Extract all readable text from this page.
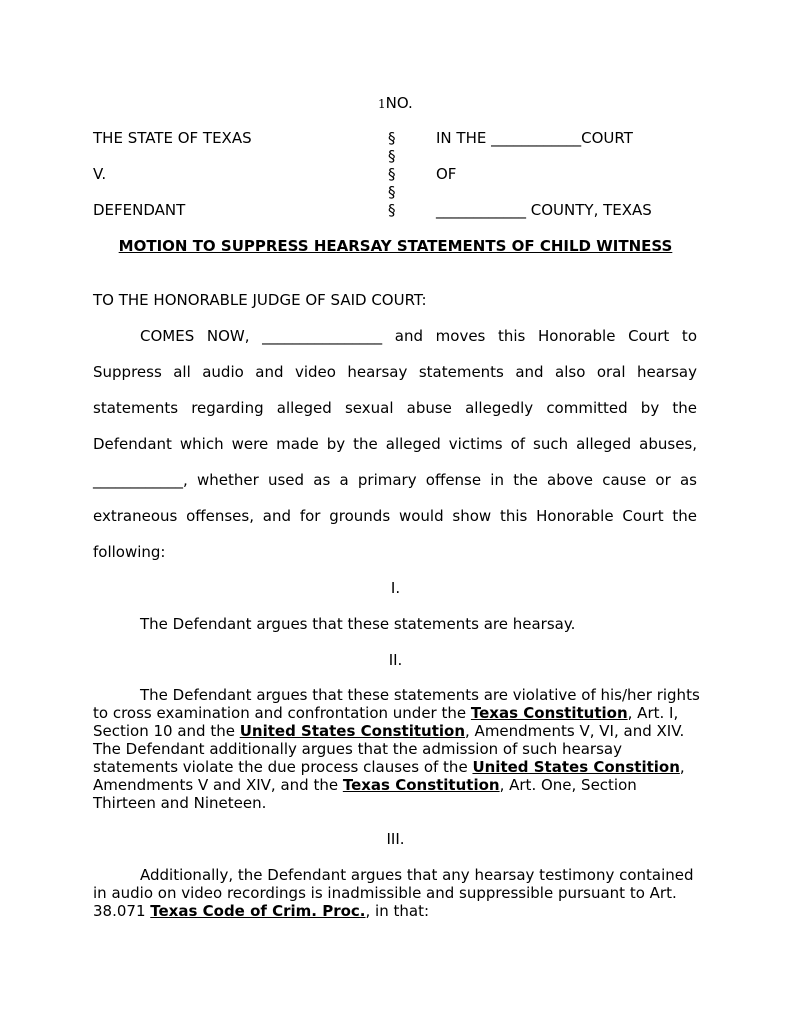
1NO.
THE STATE OF TEXAS
V.
DEFENDANT
§
§
§
§
§
IN THE ____________COURT
OF
____________ COUNTY, TEXAS
MOTION TO SUPPRESS HEARSAY STATEMENTS OF CHILD WITNESS
TO THE HONORABLE JUDGE OF SAID COURT:
COMES NOW, ________________ and moves this Honorable Court to
Suppress all audio and video hearsay statements and also oral hearsay
statements regarding alleged sexual abuse allegedly committed by the
Defendant which were made by the alleged victims of such alleged abuses,
____________, whether used as a primary offense in the above cause or as
extraneous offenses, and for grounds would show this Honorable Court the
following:
I.
The Defendant argues that these statements are hearsay.
II.

The Defendant argues that these statements are violative of his/her rights to cross examination and confrontation under the Texas Constitution, Art. I, Section 10 and the United States Constitution, Amendments V, VI, and XIV. The Defendant additionally argues that the admission of such hearsay statements violate the due process clauses of the United States Constition, Amendments V and XIV, and the Texas Constitution, Art. One, Section Thirteen and Nineteen.

III.

Additionally, the Defendant argues that any hearsay testimony contained in audio on video recordings is inadmissible and suppressible pursuant to Art. 38.071 Texas Code of Crim. Proc., in that:
